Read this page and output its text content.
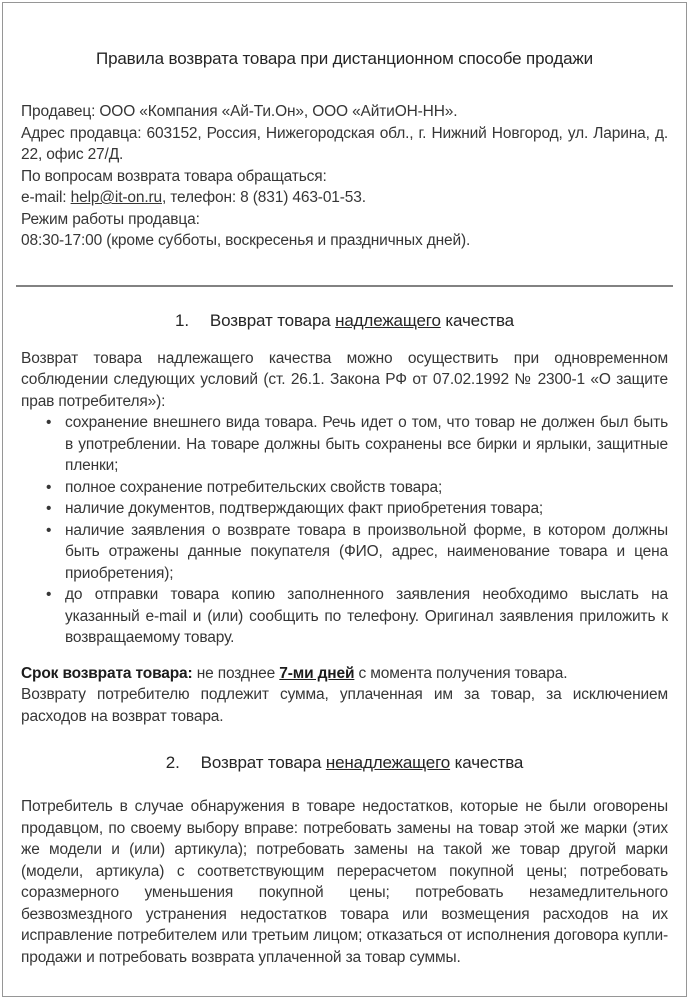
Правила возврата товара при дистанционном способе продажи

Продавец: ООО «Компания «Ай-Ти.Он», ООО «АйтиОН-НН».

Адрес продавца: 603152, Россия, Нижегородская обл., г. Нижний Новгород, ул. Ларина, д. 22, офис 27/Д.

По вопросам возврата товара обращаться:

e-mail: help@it-on.ru, телефон: 8 (831) 463-01-53.

Режим работы продавца:

08:30-17:00 (кроме субботы, воскресенья и праздничных дней).

1. Возврат товара надлежащего качества

Возврат товара надлежащего качества можно осуществить при одновременном соблюдении следующих условий (ст. 26.1. Закона РФ от 07.02.1992 № 2300-1 «О защите прав потребителя»):

• сохранение внешнего вида товара. Речь идет о том, что товар не должен был быть в употреблении. На товаре должны быть сохранены все бирки и ярлыки, защитные пленки;
• полное сохранение потребительских свойств товара;
• наличие документов, подтверждающих факт приобретения товара;
• наличие заявления о возврате товара в произвольной форме, в котором должны быть отражены данные покупателя (ФИО, адрес, наименование товара и цена приобретения);
• до отправки товара копию заполненного заявления необходимо выслать на указанный e-mail и (или) сообщить по телефону. Оригинал заявления приложить к возвращаемому товару.

Срок возврата товара: не позднее 7-ми дней с момента получения товара.

Возврату потребителю подлежит сумма, уплаченная им за товар, за исключением расходов на возврат товара.

2. Возврат товара ненадлежащего качества

Потребитель в случае обнаружения в товаре недостатков, которые не были оговорены продавцом, по своему выбору вправе: потребовать замены на товар этой же марки (этих же модели и (или) артикула); потребовать замены на такой же товар другой марки (модели, артикула) с соответствующим перерасчетом покупной цены; потребовать соразмерного уменьшения покупной цены; потребовать незамедлительного безвозмездного устранения недостатков товара или возмещения расходов на их исправление потребителем или третьим лицом; отказаться от исполнения договора купли-продажи и потребовать возврата уплаченной за товар суммы.
